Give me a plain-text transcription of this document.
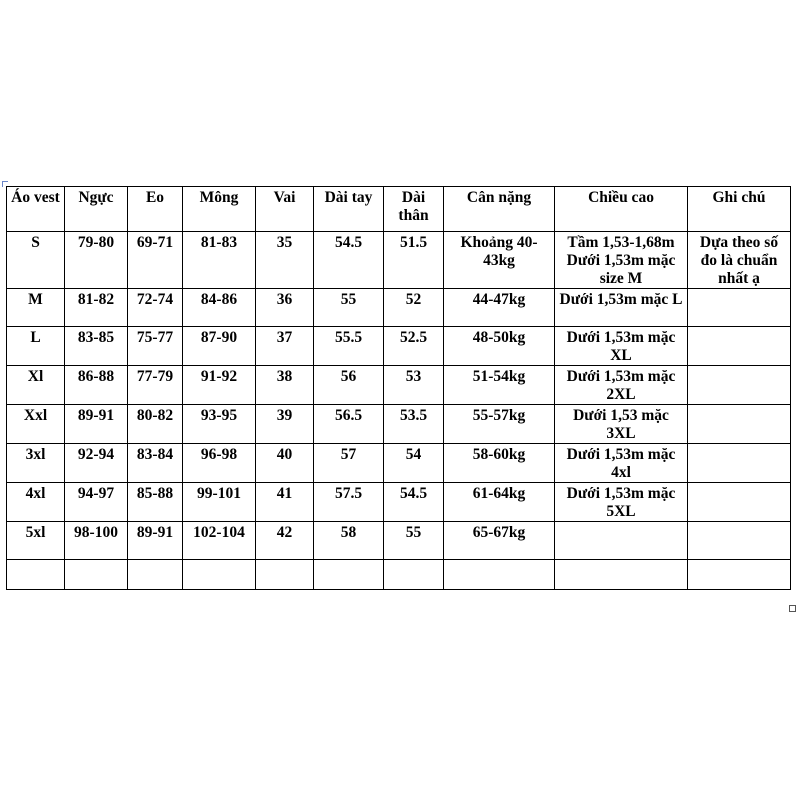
Áo vest	Ngực	Eo	Mông	Vai	Dài tay	Dài thân	Cân nặng	Chiều cao	Ghi chú
S	79-80	69-71	81-83	35	54.5	51.5	Khoảng 40-43kg	Tầm 1,53-1,68m Dưới 1,53m mặc size M	Dựa theo số đo là chuẩn nhất ạ
M	81-82	72-74	84-86	36	55	52	44-47kg	Dưới 1,53m mặc L	
L	83-85	75-77	87-90	37	55.5	52.5	48-50kg	Dưới 1,53m mặc XL	
Xl	86-88	77-79	91-92	38	56	53	51-54kg	Dưới 1,53m mặc 2XL	
Xxl	89-91	80-82	93-95	39	56.5	53.5	55-57kg	Dưới 1,53 mặc 3XL	
3xl	92-94	83-84	96-98	40	57	54	58-60kg	Dưới 1,53m mặc 4xl	
4xl	94-97	85-88	99-101	41	57.5	54.5	61-64kg	Dưới 1,53m mặc 5XL	
5xl	98-100	89-91	102-104	42	58	55	65-67kg		
